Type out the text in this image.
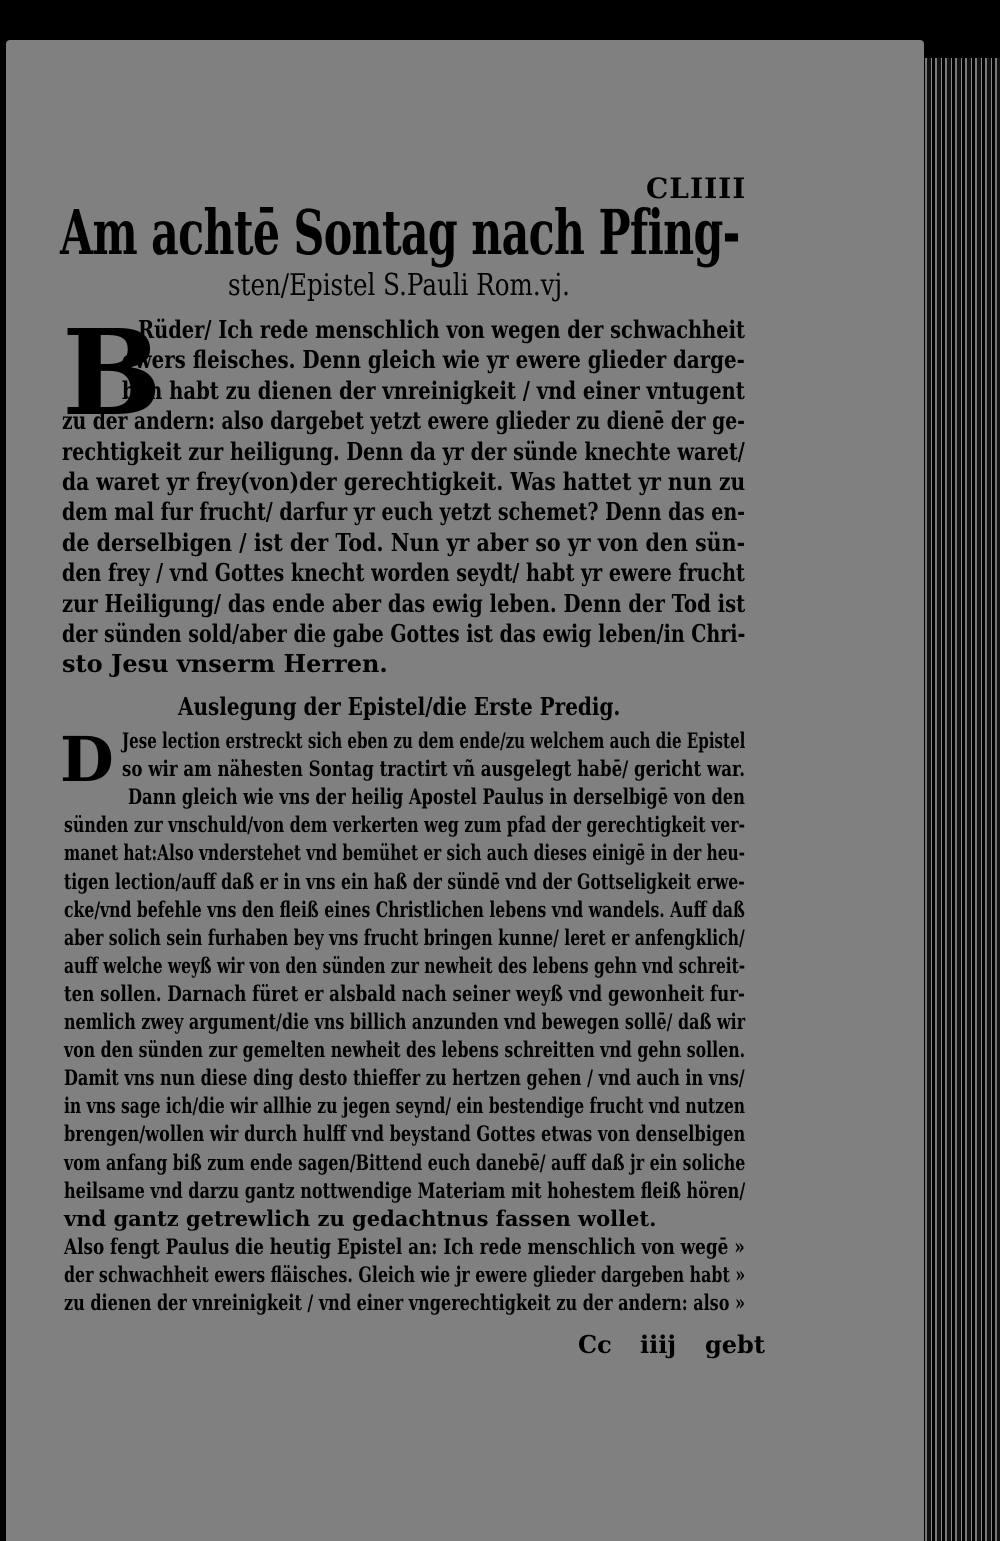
CLIIII
Am achtē Sontag nach Pfing-
sten/Epistel S.Pauli Rom.vj.
B
Rüder/ Ich rede menschlich von wegen der schwachheit
ewers fleisches. Denn gleich wie yr ewere glieder darge-
ben habt zu dienen der vnreinigkeit / vnd einer vntugent
zu der andern: also dargebet yetzt ewere glieder zu dienē der ge-
rechtigkeit zur heiligung. Denn da yr der sünde knechte waret/
da waret yr frey(von)der gerechtigkeit. Was hattet yr nun zu
dem mal fur frucht/ darfur yr euch yetzt schemet? Denn das en-
de derselbigen / ist der Tod. Nun yr aber so yr von den sün-
den frey / vnd Gottes knecht worden seydt/ habt yr ewere frucht
zur Heiligung/ das ende aber das ewig leben. Denn der Tod ist
der sünden sold/aber die gabe Gottes ist das ewig leben/in Chri-
sto Jesu vnserm Herren.
Auslegung der Epistel/die Erste Predig.
D Jese lection erstreckt sich eben zu dem ende/zu welchem auch die Epistel
so wir am nähesten Sontag tractirt vñ ausgelegt habē/ gericht war.
Dann gleich wie vns der heilig Apostel Paulus in derselbigē von den
sünden zur vnschuld/von dem verkerten weg zum pfad der gerechtigkeit ver-
manet hat:Also vnderstehet vnd bemühet er sich auch dieses einigē in der heu-
tigen lection/auff daß er in vns ein haß der sündē vnd der Gottseligkeit erwe-
cke/vnd befehle vns den fleiß eines Christlichen lebens vnd wandels. Auff daß
aber solich sein furhaben bey vns frucht bringen kunne/ leret er anfengklich/
auff welche weyß wir von den sünden zur newheit des lebens gehn vnd schreit-
ten sollen. Darnach füret er alsbald nach seiner weyß vnd gewonheit fur-
nemlich zwey argument/die vns billich anzunden vnd bewegen sollē/ daß wir
von den sünden zur gemelten newheit des lebens schreitten vnd gehn sollen.
Damit vns nun diese ding desto thieffer zu hertzen gehen / vnd auch in vns/
in vns sage ich/die wir allhie zu jegen seynd/ ein bestendige frucht vnd nutzen
brengen/wollen wir durch hulff vnd beystand Gottes etwas von denselbigen
vom anfang biß zum ende sagen/Bittend euch danebē/ auff daß jr ein soliche
heilsame vnd darzu gantz nottwendige Materiam mit hohestem fleiß hören/
vnd gantz getrewlich zu gedachtnus fassen wollet.
Also fengt Paulus die heutig Epistel an: Ich rede menschlich von wegē »
der schwachheit ewers fläisches. Gleich wie jr ewere glieder dargeben habt »
zu dienen der vnreinigkeit / vnd einer vngerechtigkeit zu der andern: also »
Cc iiij gebt
